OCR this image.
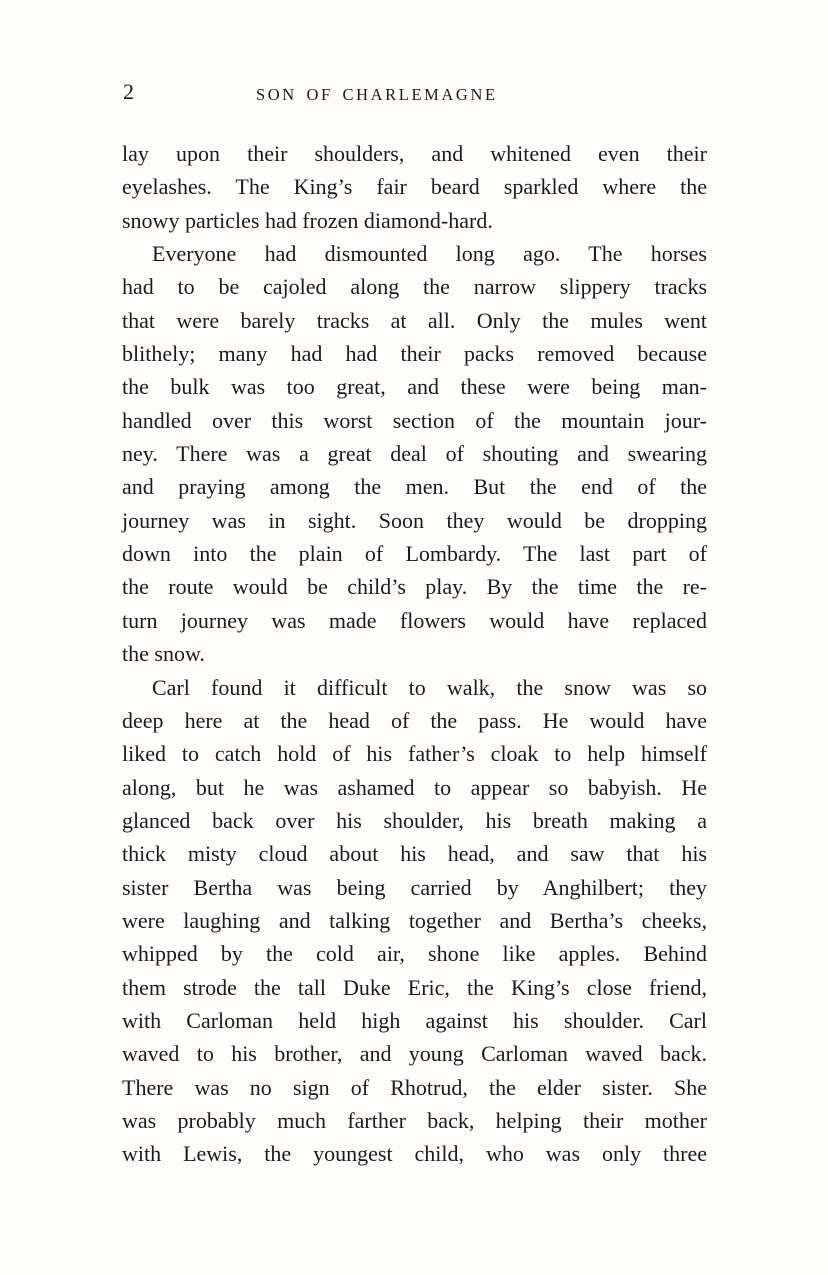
2	SON OF CHARLEMAGNE
lay upon their shoulders, and whitened even their
eyelashes. The King’s fair beard sparkled where the
snowy particles had frozen diamond-hard.
Everyone had dismounted long ago. The horses
had to be cajoled along the narrow slippery tracks
that were barely tracks at all. Only the mules went
blithely; many had had their packs removed because
the bulk was too great, and these were being man-
handled over this worst section of the mountain jour-
ney. There was a great deal of shouting and swearing
and praying among the men. But the end of the
journey was in sight. Soon they would be dropping
down into the plain of Lombardy. The last part of
the route would be child’s play. By the time the re-
turn journey was made flowers would have replaced
the snow.
Carl found it difficult to walk, the snow was so
deep here at the head of the pass. He would have
liked to catch hold of his father’s cloak to help himself
along, but he was ashamed to appear so babyish. He
glanced back over his shoulder, his breath making a
thick misty cloud about his head, and saw that his
sister Bertha was being carried by Anghilbert; they
were laughing and talking together and Bertha’s cheeks,
whipped by the cold air, shone like apples. Behind
them strode the tall Duke Eric, the King’s close friend,
with Carloman held high against his shoulder. Carl
waved to his brother, and young Carloman waved back.
There was no sign of Rhotrud, the elder sister. She
was probably much farther back, helping their mother
with Lewis, the youngest child, who was only three
